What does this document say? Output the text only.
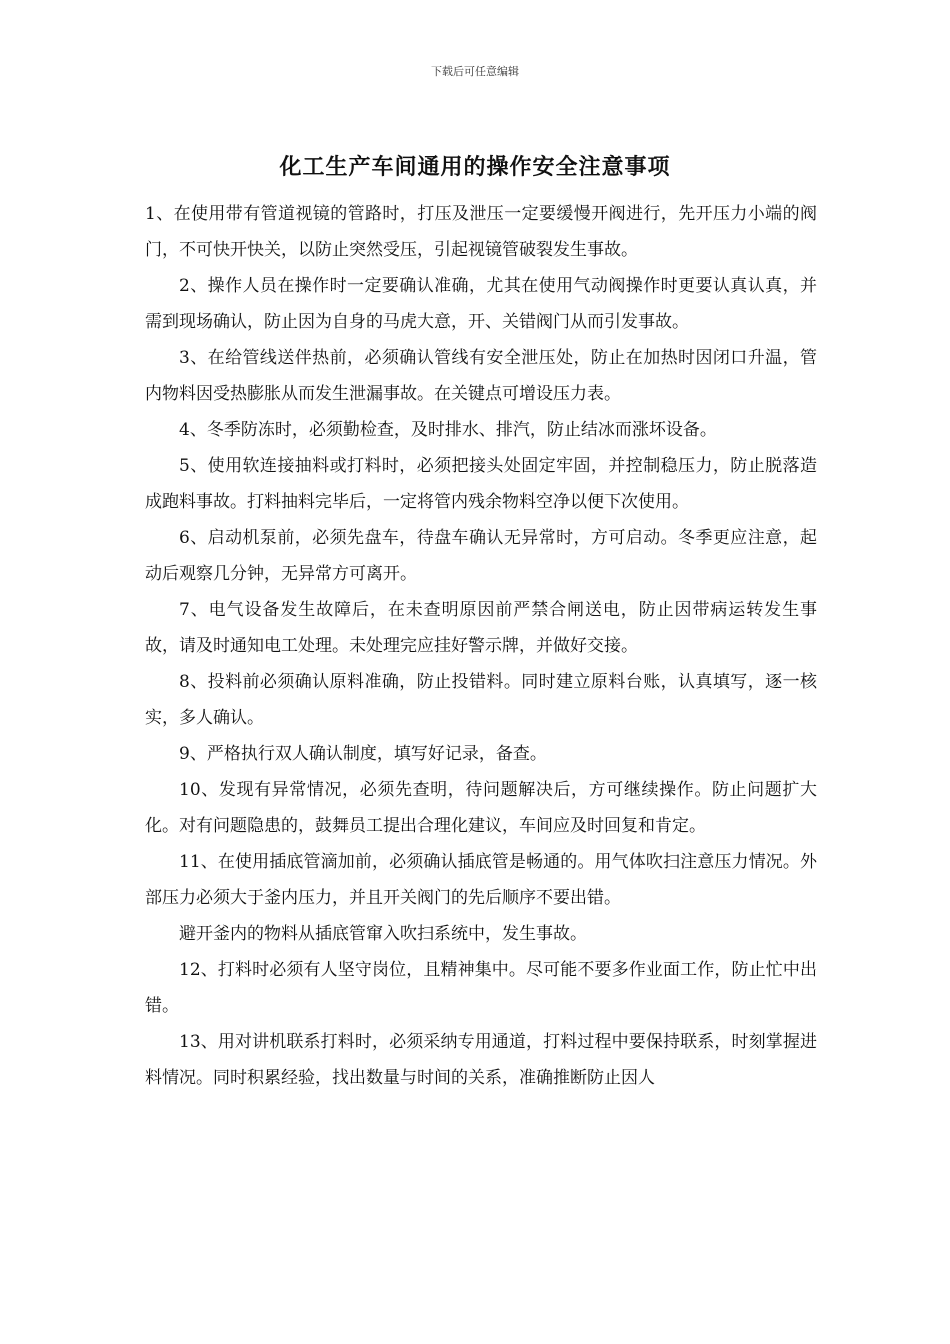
下载后可任意编辑
化工生产车间通用的操作安全注意事项

1、在使用带有管道视镜的管路时，打压及泄压一定要缓慢开阀进行，先开压力小端的阀门，不可快开快关，以防止突然受压，引起视镜管破裂发生事故。

2、操作人员在操作时一定要确认准确，尤其在使用气动阀操作时更要认真认真，并需到现场确认，防止因为自身的马虎大意，开、关错阀门从而引发事故。

3、在给管线送伴热前，必须确认管线有安全泄压处，防止在加热时因闭口升温，管内物料因受热膨胀从而发生泄漏事故。在关键点可增设压力表。

4、冬季防冻时，必须勤检查，及时排水、排汽，防止结冰而涨坏设备。

5、使用软连接抽料或打料时，必须把接头处固定牢固，并控制稳压力，防止脱落造成跑料事故。打料抽料完毕后，一定将管内残余物料空净以便下次使用。

6、启动机泵前，必须先盘车，待盘车确认无异常时，方可启动。冬季更应注意，起动后观察几分钟，无异常方可离开。

7、电气设备发生故障后，在未查明原因前严禁合闸送电，防止因带病运转发生事故，请及时通知电工处理。未处理完应挂好警示牌，并做好交接。

8、投料前必须确认原料准确，防止投错料。同时建立原料台账，认真填写，逐一核实，多人确认。

9、严格执行双人确认制度，填写好记录，备查。

10、发现有异常情况，必须先查明，待问题解决后，方可继续操作。防止问题扩大化。对有问题隐患的，鼓舞员工提出合理化建议，车间应及时回复和肯定。

11、在使用插底管滴加前，必须确认插底管是畅通的。用气体吹扫注意压力情况。外部压力必须大于釜内压力，并且开关阀门的先后顺序不要出错。

避开釜内的物料从插底管窜入吹扫系统中，发生事故。

12、打料时必须有人坚守岗位，且精神集中。尽可能不要多作业面工作，防止忙中出错。

13、用对讲机联系打料时，必须采纳专用通道，打料过程中要保持联系，时刻掌握进料情况。同时积累经验，找出数量与时间的关系，准确推断防止因人
